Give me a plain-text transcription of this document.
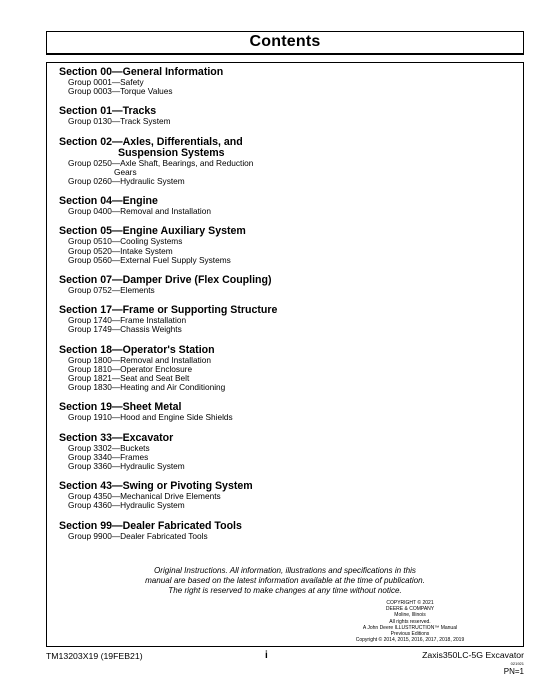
Contents
Section 00—General Information
Group 0001—Safety
Group 0003—Torque Values
Section 01—Tracks
Group 0130—Track System
Section 02—Axles, Differentials, and
Suspension Systems
Group 0250—Axle Shaft, Bearings, and Reduction
Gears
Group 0260—Hydraulic System
Section 04—Engine
Group 0400—Removal and Installation
Section 05—Engine Auxiliary System
Group 0510—Cooling Systems
Group 0520—Intake System
Group 0560—External Fuel Supply Systems
Section 07—Damper Drive (Flex Coupling)
Group 0752—Elements
Section 17—Frame or Supporting Structure
Group 1740—Frame Installation
Group 1749—Chassis Weights
Section 18—Operator's Station
Group 1800—Removal and Installation
Group 1810—Operator Enclosure
Group 1821—Seat and Seat Belt
Group 1830—Heating and Air Conditioning
Section 19—Sheet Metal
Group 1910—Hood and Engine Side Shields
Section 33—Excavator
Group 3302—Buckets
Group 3340—Frames
Group 3360—Hydraulic System
Section 43—Swing or Pivoting System
Group 4350—Mechanical Drive Elements
Group 4360—Hydraulic System
Section 99—Dealer Fabricated Tools
Group 9900—Dealer Fabricated Tools
Original Instructions. All information, illustrations and specifications in this
manual are based on the latest information available at the time of publication.
The right is reserved to make changes at any time without notice.
COPYRIGHT © 2021
DEERE & COMPANY
Moline, Illinois
All rights reserved.
A John Deere ILLUSTRUCTION™ Manual
Previous Editions
Copyright © 2014, 2015, 2016, 2017, 2018, 2019
TM13203X19 (19FEB21)	i	Zaxis350LC-5G Excavator
021921
PN=1
